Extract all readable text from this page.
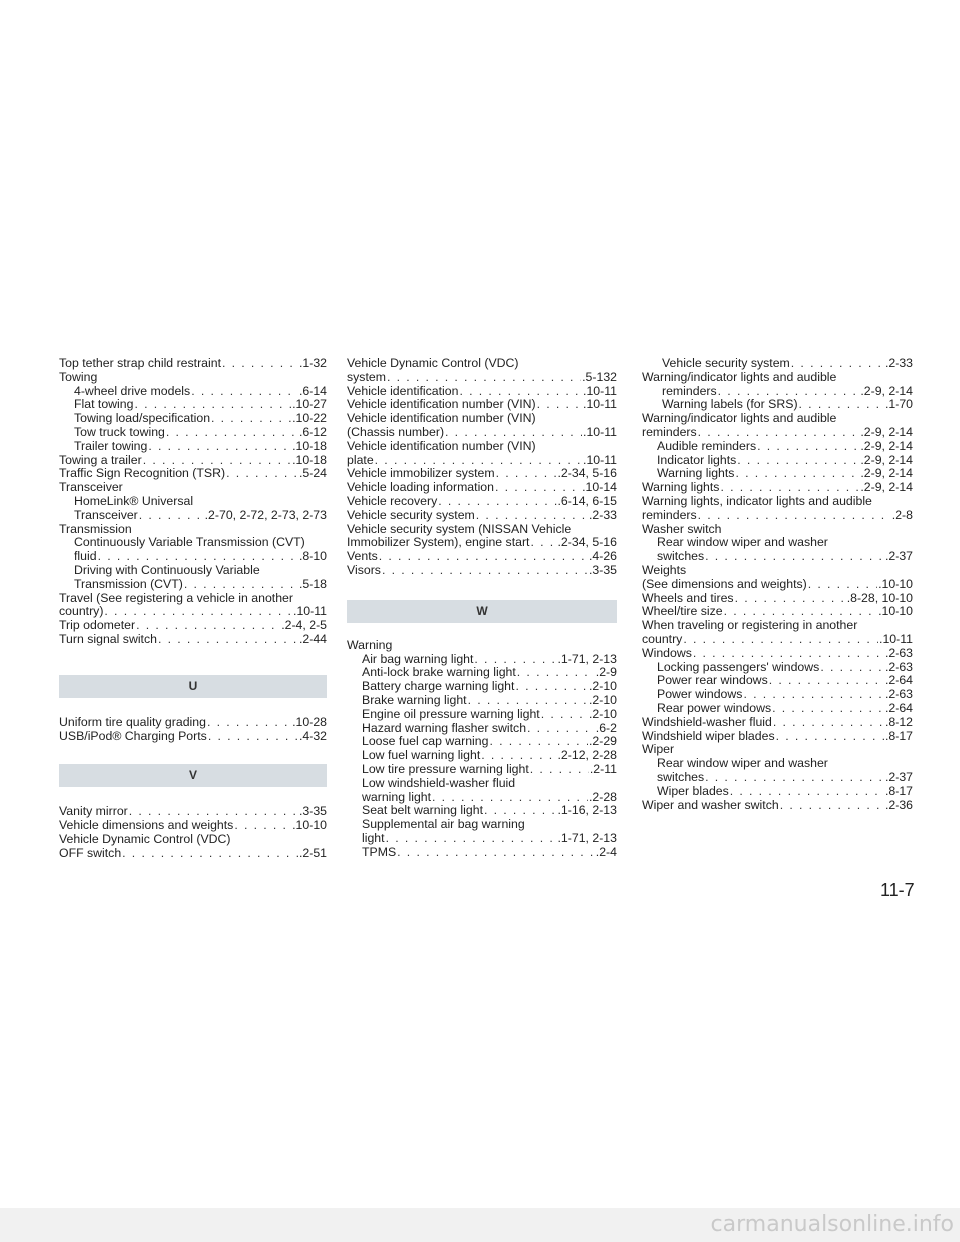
Top tether strap child restraint . . .	.1-32
Towing
4-wheel drive models . . .	.6-14
Flat towing . . .	.10-27
Towing load/specification . . .	.10-22
Tow truck towing . . .	.6-12
Trailer towing . . .	.10-18
Towing a trailer . . .	.10-18
Traffic Sign Recognition (TSR) . . .	.5-24
Transceiver
HomeLink® Universal
Transceiver . . .	.2-70, 2-72, 2-73, 2-73
Transmission
Continuously Variable Transmission (CVT)
fluid . . .	.8-10
Driving with Continuously Variable
Transmission (CVT) . . .	.5-18
Travel (See registering a vehicle in another
country) . . .	.10-11
Trip odometer . . .	.2-4, 2-5
Turn signal switch . . .	.2-44
U
Uniform tire quality grading . . .	.10-28
USB/iPod® Charging Ports . . .	.4-32
V
Vanity mirror . . .	.3-35
Vehicle dimensions and weights . . .	.10-10
Vehicle Dynamic Control (VDC)
OFF switch . . .	.2-51
Vehicle Dynamic Control (VDC)
system . . .	.5-132
Vehicle identification . . .	.10-11
Vehicle identification number (VIN) . . .	.10-11
Vehicle identification number (VIN)
(Chassis number) . . .	.10-11
Vehicle identification number (VIN)
plate . . .	.10-11
Vehicle immobilizer system . . .	.2-34, 5-16
Vehicle loading information . . .	.10-14
Vehicle recovery . . .	.6-14, 6-15
Vehicle security system . . .	.2-33
Vehicle security system (NISSAN Vehicle
Immobilizer System), engine start . . . .2-34, 5-16
Vents . . .	.4-26
Visors . . .	.3-35
W
Warning
Air bag warning light . . .	.1-71, 2-13
Anti-lock brake warning light . . .	.2-9
Battery charge warning light . . .	.2-10
Brake warning light . . .	.2-10
Engine oil pressure warning light . . .	.2-10
Hazard warning flasher switch . . .	.6-2
Loose fuel cap warning . . .	.2-29
Low fuel warning light . . .	.2-12, 2-28
Low tire pressure warning light . . .	.2-11
Low windshield-washer fluid
warning light . . .	.2-28
Seat belt warning light . . .	.1-16, 2-13
Supplemental air bag warning
light . . .	.1-71, 2-13
TPMS . . .	.2-4
Vehicle security system . . .	.2-33
Warning/indicator lights and audible
reminders . . .	.2-9, 2-14
Warning labels (for SRS) . . .	.1-70
Warning/indicator lights and audible
reminders . . .	.2-9, 2-14
Audible reminders . . .	.2-9, 2-14
Indicator lights . . .	.2-9, 2-14
Warning lights . . .	.2-9, 2-14
Warning lights . . .	.2-9, 2-14
Warning lights, indicator lights and audible
reminders . . .	.2-8
Washer switch
Rear window wiper and washer
switches . . .	.2-37
Weights
(See dimensions and weights) . . .	.10-10
Wheels and tires . . .	.8-28, 10-10
Wheel/tire size . . .	.10-10
When traveling or registering in another
country . . .	.10-11
Windows . . .	.2-63
Locking passengers' windows . . .	.2-63
Power rear windows . . .	.2-64
Power windows . . .	.2-63
Rear power windows . . .	.2-64
Windshield-washer fluid . . .	.8-12
Windshield wiper blades . . .	.8-17
Wiper
Rear window wiper and washer
switches . . .	.2-37
Wiper blades . . .	.8-17
Wiper and washer switch . . .	.2-36
11-7
carmanualsonline.info
